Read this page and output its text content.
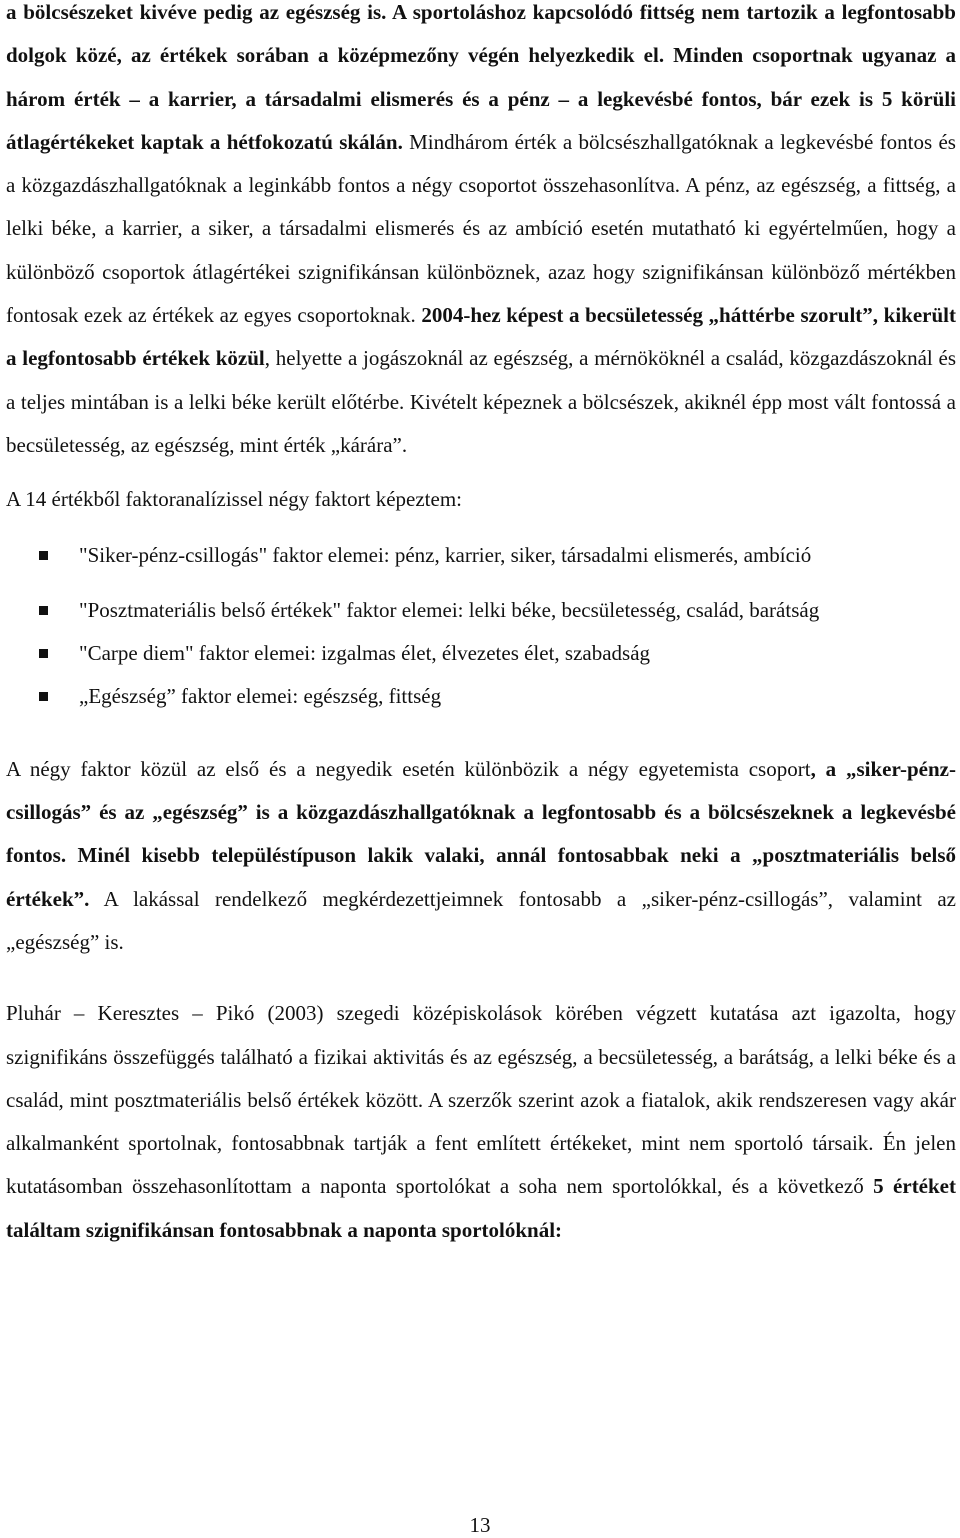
a bölcsészeket kivéve pedig az egészség is. A sportoláshoz kapcsolódó fittség nem tartozik a legfontosabb dolgok közé, az értékek sorában a középmezőny végén helyezkedik el. Minden csoportnak ugyanaz a három érték – a karrier, a társadalmi elismerés és a pénz – a legkevésbé fontos, bár ezek is 5 körüli átlagértékeket kaptak a hétfokozatú skálán. Mindhárom érték a bölcsészhallgatóknak a legkevésbé fontos és a közgazdászhallgatóknak a leginkább fontos a négy csoportot összehasonlítva. A pénz, az egészség, a fittség, a lelki béke, a karrier, a siker, a társadalmi elismerés és az ambíció esetén mutatható ki egyértelműen, hogy a különböző csoportok átlagértékei szignifikánsan különböznek, azaz hogy szignifikánsan különböző mértékben fontosak ezek az értékek az egyes csoportoknak. 2004-hez képest a becsületesség „háttérbe szorult”, kikerült a legfontosabb értékek közül, helyette a jogászoknál az egészség, a mérnököknél a család, közgazdászoknál és a teljes mintában is a lelki béke került előtérbe. Kivételt képeznek a bölcsészek, akiknél épp most vált fontossá a becsületesség, az egészség, mint érték „kárára”.

A 14 értékből faktoranalízissel négy faktort képeztem:

"Siker-pénz-csillogás" faktor elemei: pénz, karrier, siker, társadalmi elismerés, ambíció
"Posztmateriális belső értékek" faktor elemei: lelki béke, becsületesség, család, barátság
"Carpe diem" faktor elemei: izgalmas élet, élvezetes élet, szabadság
„Egészség” faktor elemei: egészség, fittség

A négy faktor közül az első és a negyedik esetén különbözik a négy egyetemista csoport, a „siker-pénz-csillogás” és az „egészség” is a közgazdászhallgatóknak a legfontosabb és a bölcsészeknek a legkevésbé fontos. Minél kisebb településtípuson lakik valaki, annál fontosabbak neki a „posztmateriális belső értékek”. A lakással rendelkező megkérdezettjeimnek fontosabb a „siker-pénz-csillogás”, valamint az „egészség” is.

Pluhár – Keresztes – Pikó (2003) szegedi középiskolások körében végzett kutatása azt igazolta, hogy szignifikáns összefüggés található a fizikai aktivitás és az egészség, a becsületesség, a barátság, a lelki béke és a család, mint posztmateriális belső értékek között. A szerzők szerint azok a fiatalok, akik rendszeresen vagy akár alkalmanként sportolnak, fontosabbnak tartják a fent említett értékeket, mint nem sportoló társaik. Én jelen kutatásomban összehasonlítottam a naponta sportolókat a soha nem sportolókkal, és a következő 5 értéket találtam szignifikánsan fontosabbnak a naponta sportolóknál:

13
